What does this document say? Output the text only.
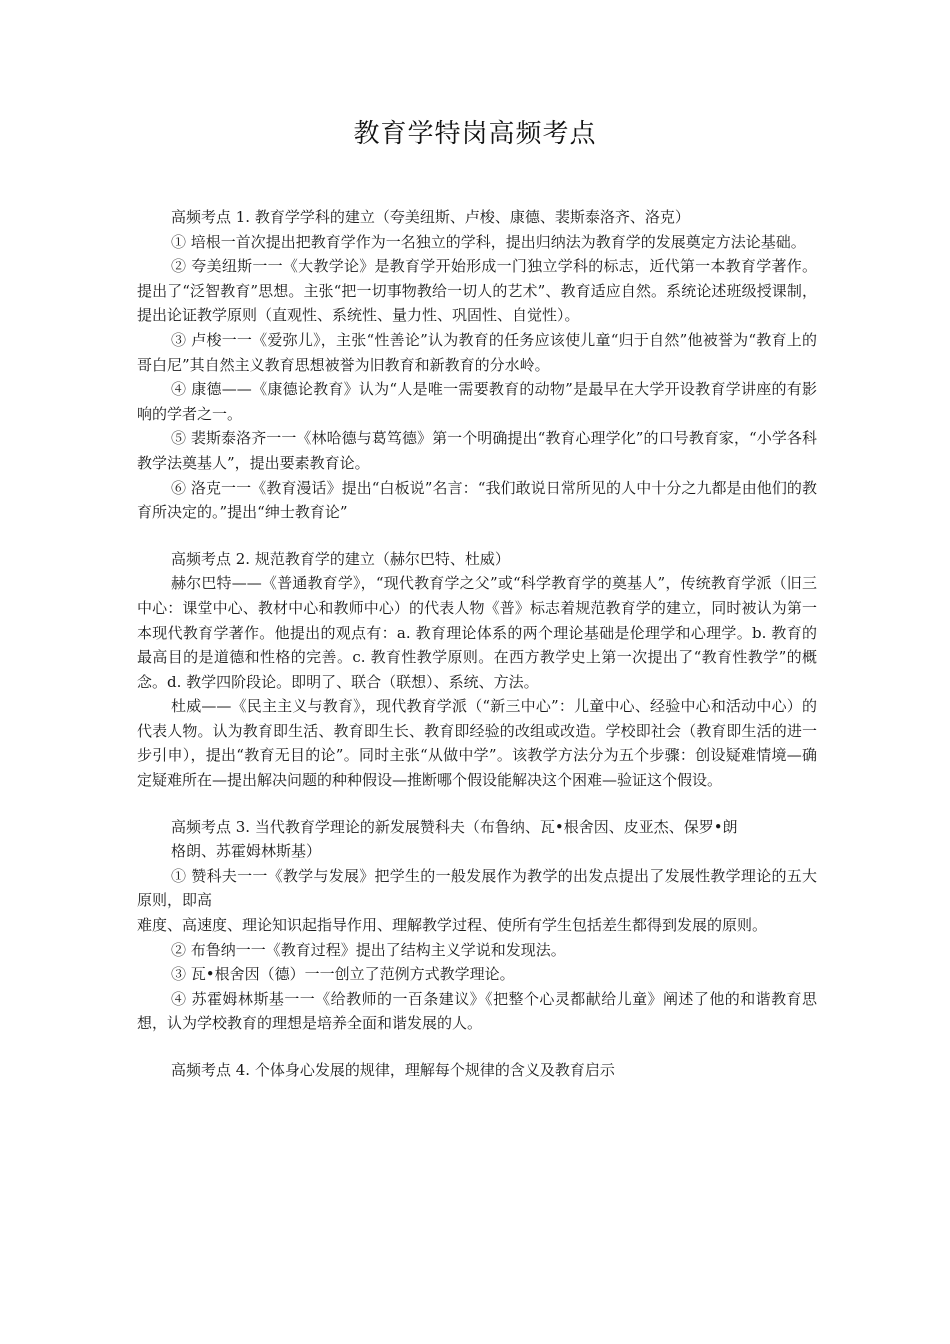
教育学特岗高频考点

高频考点 1. 教育学学科的建立（夸美纽斯、卢梭、康德、裴斯泰洛齐、洛克）

① 培根一首次提出把教育学作为一名独立的学科，提出归纳法为教育学的发展奠定方法论基础。

② 夸美纽斯一一《大教学论》是教育学开始形成一门独立学科的标志，近代第一本教育学著作。提出了“泛智教育”思想。主张“把一切事物教给一切人的艺术”、教育适应自然。系统论述班级授课制，提出论证教学原则（直观性、系统性、量力性、巩固性、自觉性）。

③ 卢梭一一《爱弥儿》，主张“性善论”认为教育的任务应该使儿童“归于自然”他被誉为“教育上的哥白尼”其自然主义教育思想被誉为旧教育和新教育的分水岭。

④ 康德——《康德论教育》认为“人是唯一需要教育的动物”是最早在大学开设教育学讲座的有影响的学者之一。

⑤ 裴斯泰洛齐一一《林哈德与葛笃德》第一个明确提出“教育心理学化”的口号教育家，“小学各科教学法奠基人”，提出要素教育论。

⑥ 洛克一一《教育漫话》提出“白板说”名言：“我们敢说日常所见的人中十分之九都是由他们的教育所决定的。”提出“绅士教育论”

高频考点 2. 规范教育学的建立（赫尔巴特、杜威）

赫尔巴特——《普通教育学》，“现代教育学之父”或“科学教育学的奠基人”，传统教育学派（旧三中心：课堂中心、教材中心和教师中心）的代表人物《普》标志着规范教育学的建立，同时被认为第一本现代教育学著作。他提出的观点有：a. 教育理论体系的两个理论基础是伦理学和心理学。b. 教育的最高目的是道德和性格的完善。c. 教育性教学原则。在西方教学史上第一次提出了“教育性教学”的概念。d. 教学四阶段论。即明了、联合（联想）、系统、方法。

杜威——《民主主义与教育》，现代教育学派（“新三中心”：儿童中心、经验中心和活动中心）的代表人物。认为教育即生活、教育即生长、教育即经验的改组或改造。学校即社会（教育即生活的进一步引申），提出“教育无目的论”。同时主张“从做中学”。该教学方法分为五个步骤：创设疑难情境—确定疑难所在—提出解决问题的种种假设—推断哪个假设能解决这个困难—验证这个假设。

高频考点 3. 当代教育学理论的新发展赞科夫（布鲁纳、瓦•根舍因、皮亚杰、保罗•朗
格朗、苏霍姆林斯基）

① 赞科夫一一《教学与发展》把学生的一般发展作为教学的出发点提出了发展性教学理论的五大原则，即高

难度、高速度、理论知识起指导作用、理解教学过程、使所有学生包括差生都得到发展的原则。

② 布鲁纳一一《教育过程》提出了结构主义学说和发现法。

③ 瓦•根舍因（德）一一创立了范例方式教学理论。

④ 苏霍姆林斯基一一《给教师的一百条建议》《把整个心灵都献给儿童》阐述了他的和谐教育思想，认为学校教育的理想是培养全面和谐发展的人。

高频考点 4. 个体身心发展的规律，理解每个规律的含义及教育启示
